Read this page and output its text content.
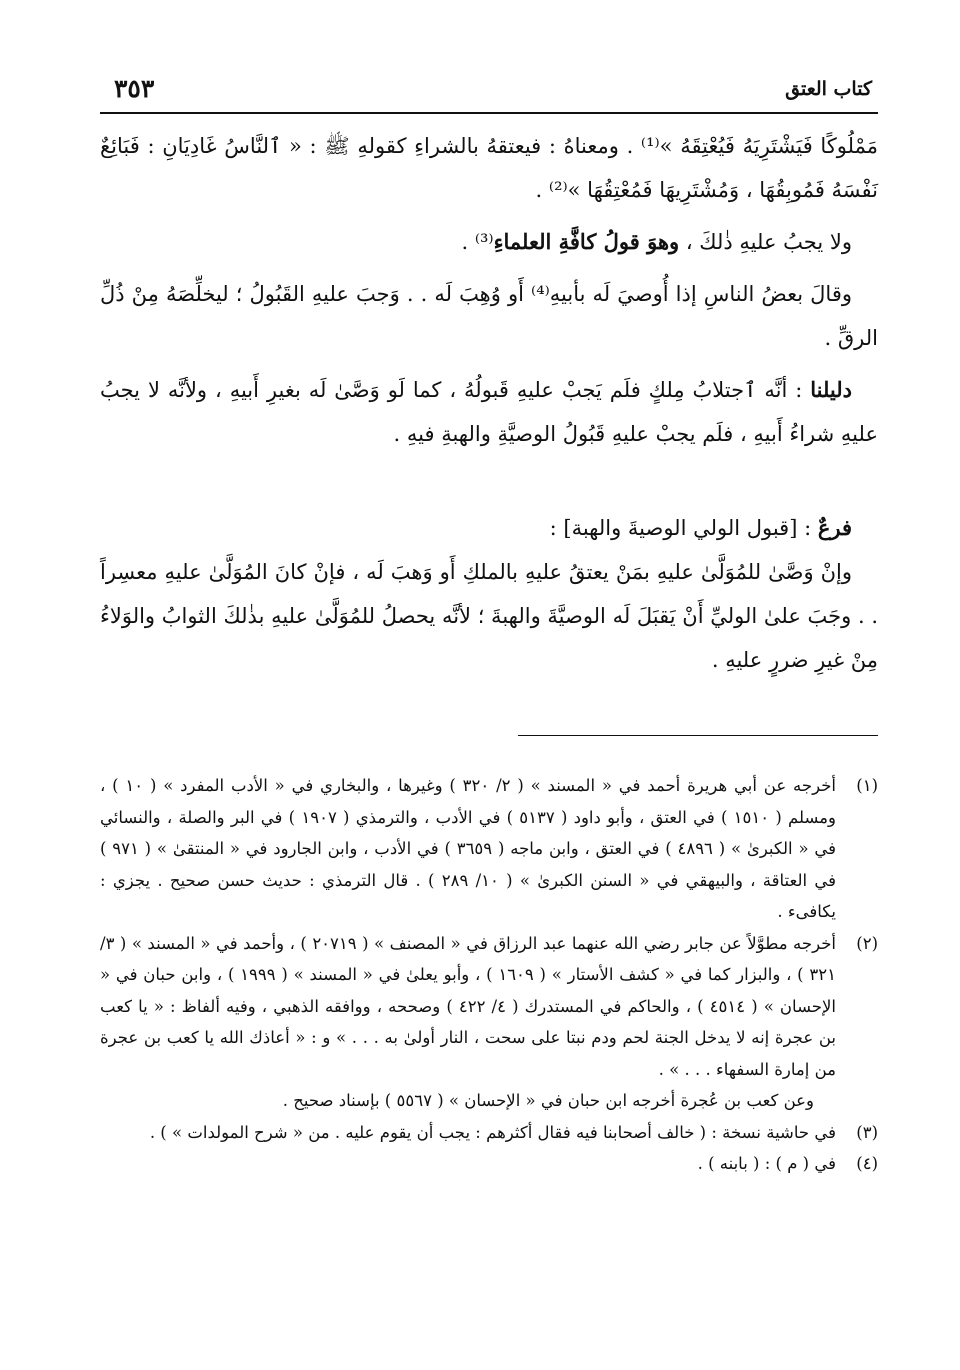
كتاب العتق
٣٥٣

مَمْلُوكًا فَيَشْتَرِيَهُ فَيُعْتِقَهُ »⁽¹⁾ . ومعناهُ : فيعتقهُ بالشراءِ كقولهِ ﷺ : « ٱلنَّاسُ غَادِيَانِ : فَبَائِعٌ نَفْسَهُ فَمُوبِقُهَا ، وَمُشْتَرِيهَا فَمُعْتِقُهَا »⁽²⁾ .

ولا يجبُ عليهِ ذٰلكَ ، وهوَ قولُ كافَّةِ العلماءِ⁽³⁾ .

وقالَ بعضُ الناسِ إذا أُوصيَ لَه بأبيهِ⁽⁴⁾ أَو وُهِبَ لَه . . وَجبَ عليهِ القَبُولُ ؛ ليخلِّصَهُ مِنْ ذُلِّ الرقِّ .

دليلنا : أنَّه ٱجتلابُ مِلكٍ فلَم يَجبْ عليهِ قَبولُهُ ، كما لَو وَصَّىٰ لَه بغيرِ أَبيهِ ، ولأنَّه لا يجبُ عليهِ شراءُ أَبيهِ ، فلَم يجبْ عليهِ قَبُولُ الوصيَّةِ والهبةِ فيهِ .

فرعٌ : [قبول الولي الوصيةَ والهبة] :

وإنْ وَصَّىٰ للمُوَلَّىٰ عليهِ بمَنْ يعتقُ عليهِ بالملكِ أَو وَهبَ لَه ، فإنْ كانَ المُوَلَّىٰ عليهِ معسِراً . . وجَبَ علىٰ الوليِّ أَنْ يَقبَلَ لَه الوصيَّةَ والهبةَ ؛ لأنَّه يحصلُ للمُوَلَّىٰ عليهِ بذٰلكَ الثوابُ والوَلاءُ مِنْ غيرِ ضررٍ عليهِ .

(١)
أخرجه عن أبي هريرة أحمد في « المسند » ( ٢/ ٣٢٠ ) وغيرها ، والبخاري في « الأدب المفرد » ( ١٠ ) ، ومسلم ( ١٥١٠ ) في العتق ، وأبو داود ( ٥١٣٧ ) في الأدب ، والترمذي ( ١٩٠٧ ) في البر والصلة ، والنسائي في « الكبرىٰ » ( ٤٨٩٦ ) في العتق ، وابن ماجه ( ٣٦٥٩ ) في الأدب ، وابن الجارود في « المنتقىٰ » ( ٩٧١ ) في العتاقة ، والبيهقي في « السنن الكبرىٰ » ( ١٠/ ٢٨٩ ) . قال الترمذي : حديث حسن صحيح . يجزي : يكافىء .
(٢)
أخرجه مطوَّلاً عن جابر رضي الله عنهما عبد الرزاق في « المصنف » ( ٢٠٧١٩ ) ، وأحمد في « المسند » ( ٣/ ٣٢١ ) ، والبزار كما في « كشف الأستار » ( ١٦٠٩ ) ، وأبو يعلىٰ في « المسند » ( ١٩٩٩ ) ، وابن حبان في « الإحسان » ( ٤٥١٤ ) ، والحاكم في المستدرك ( ٤/ ٤٢٢ ) وصححه ، ووافقه الذهبي ، وفيه ألفاظ : « يا كعب بن عجرة إنه لا يدخل الجنة لحم ودم نبتا على سحت ، النار أولىٰ به . . . » و : « أعاذك الله يا كعب بن عجرة من إمارة السفهاء . . . » .
وعن كعب بن عُجرة أخرجه ابن حبان في « الإحسان » ( ٥٥٦٧ ) بإسناد صحيح .
(٣)
في حاشية نسخة : ( خالف أصحابنا فيه فقال أكثرهم : يجب أن يقوم عليه . من « شرح المولدات » ) .
(٤)
في ( م ) : ( بابنه ) .
